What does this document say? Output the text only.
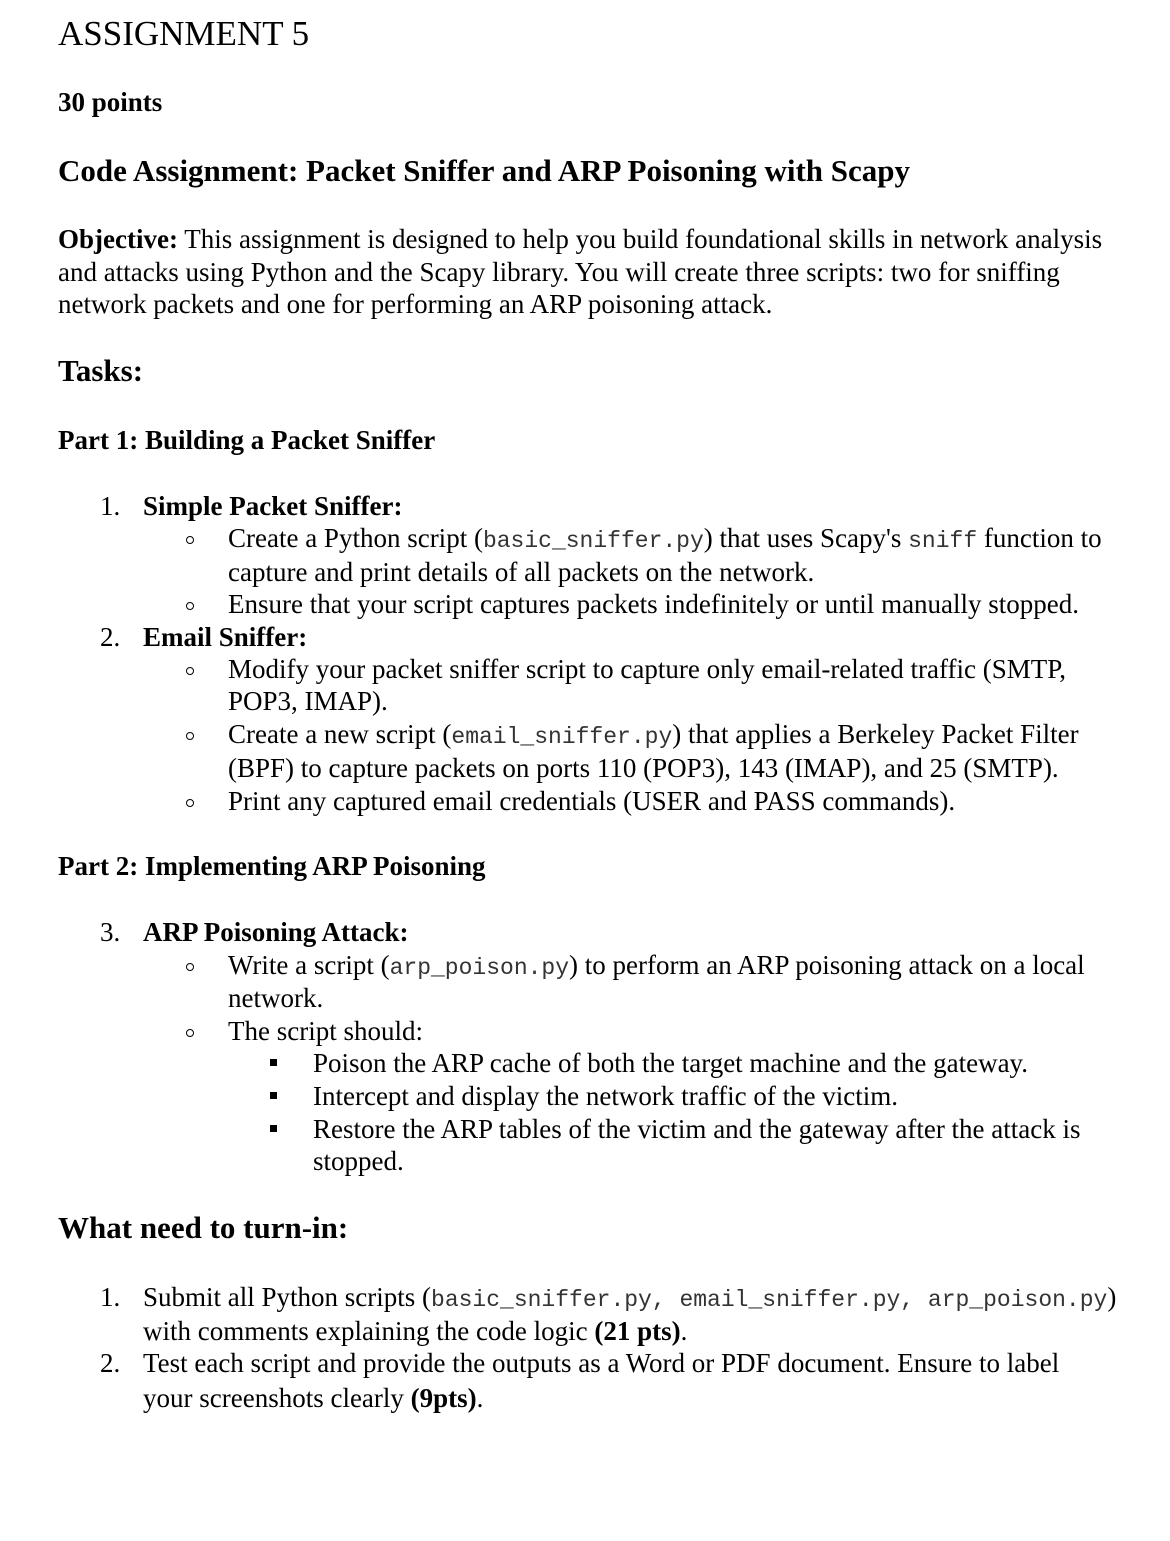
ASSIGNMENT 5
30 points
Code Assignment: Packet Sniffer and ARP Poisoning with Scapy
Objective: This assignment is designed to help you build foundational skills in network analysis
and attacks using Python and the Scapy library. You will create three scripts: two for sniffing
network packets and one for performing an ARP poisoning attack.
Tasks:
Part 1: Building a Packet Sniffer
1. Simple Packet Sniffer:
Create a Python script (basic_sniffer.py) that uses Scapy's sniff function to
capture and print details of all packets on the network.
Ensure that your script captures packets indefinitely or until manually stopped.
2. Email Sniffer:
Modify your packet sniffer script to capture only email-related traffic (SMTP,
POP3, IMAP).
Create a new script (email_sniffer.py) that applies a Berkeley Packet Filter
(BPF) to capture packets on ports 110 (POP3), 143 (IMAP), and 25 (SMTP).
Print any captured email credentials (USER and PASS commands).
Part 2: Implementing ARP Poisoning
3. ARP Poisoning Attack:
Write a script (arp_poison.py) to perform an ARP poisoning attack on a local
network.
The script should:
Poison the ARP cache of both the target machine and the gateway.
Intercept and display the network traffic of the victim.
Restore the ARP tables of the victim and the gateway after the attack is
stopped.
What need to turn-in:
1. Submit all Python scripts (basic_sniffer.py, email_sniffer.py, arp_poison.py)
with comments explaining the code logic (21 pts).
2. Test each script and provide the outputs as a Word or PDF document. Ensure to label
your screenshots clearly (9pts).
